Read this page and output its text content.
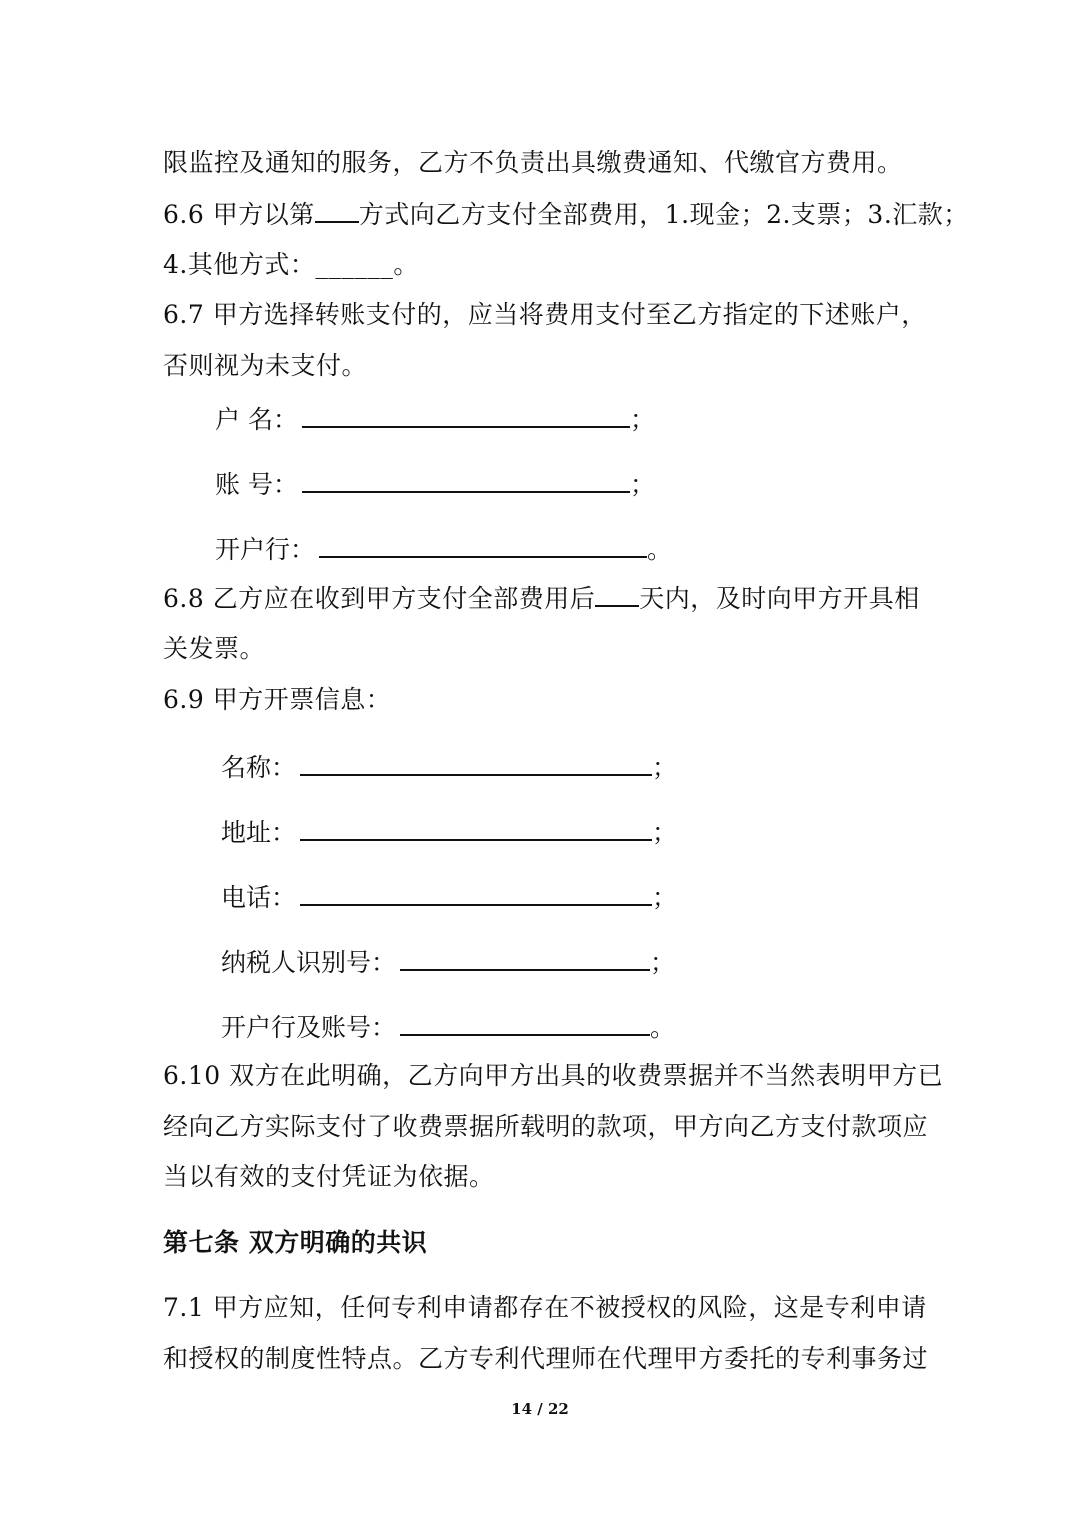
限监控及通知的服务，乙方不负责出具缴费通知、代缴官方费用。
6.6 甲方以第 方式向乙方支付全部费用，1.现金；2.支票；3.汇款；
4.其他方式：______。
6.7 甲方选择转账支付的，应当将费用支付至乙方指定的下述账户，
否则视为未支付。
户 名：	；
账 号：	；
开户行：	。
6.8 乙方应在收到甲方支付全部费用后 天内，及时向甲方开具相
关发票。
6.9 甲方开票信息：
名称：	；
地址：	；
电话：	；
纳税人识别号：	；
开户行及账号：	。
6.10 双方在此明确，乙方向甲方出具的收费票据并不当然表明甲方已
经向乙方实际支付了收费票据所载明的款项，甲方向乙方支付款项应
当以有效的支付凭证为依据。
第七条 双方明确的共识
7.1 甲方应知，任何专利申请都存在不被授权的风险，这是专利申请
和授权的制度性特点。乙方专利代理师在代理甲方委托的专利事务过
14 / 22
